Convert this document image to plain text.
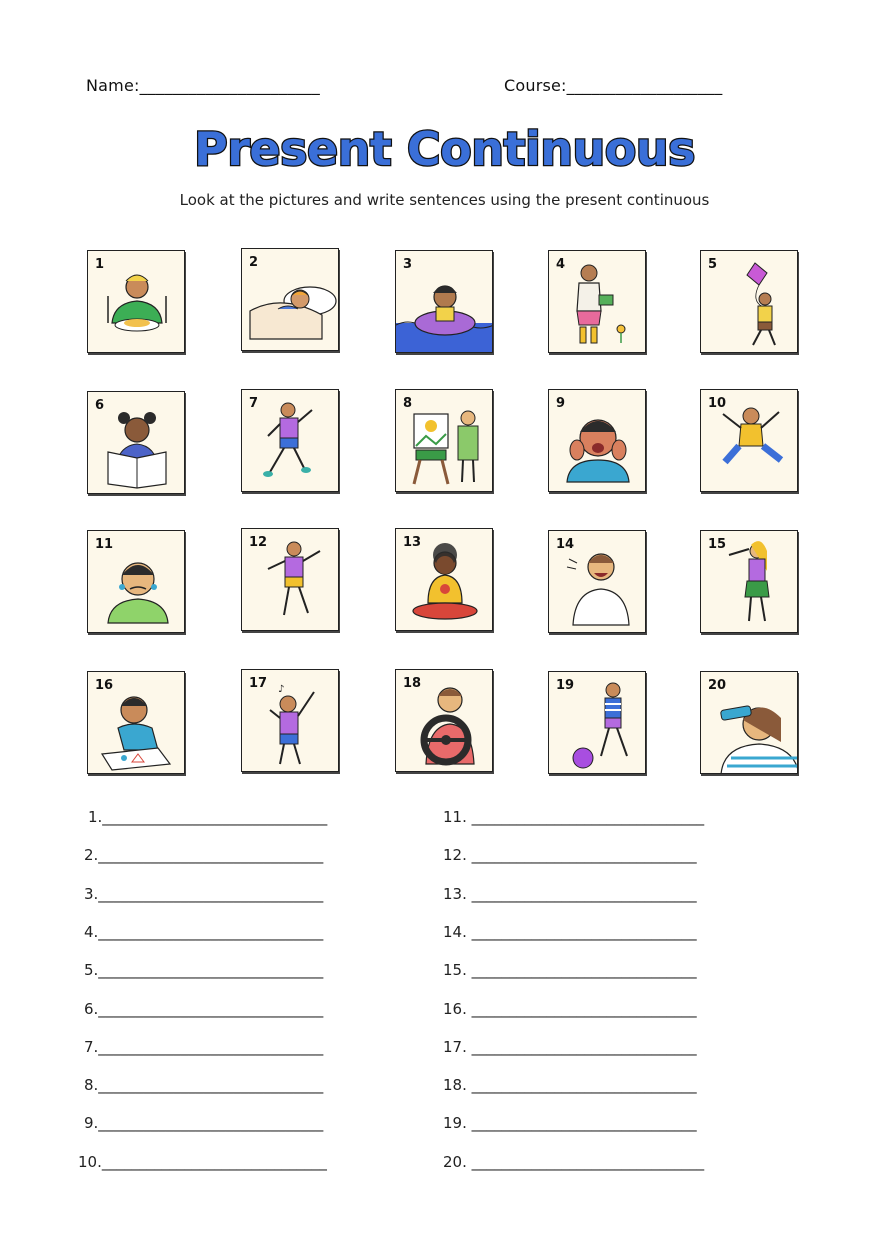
Name:______________________	Course:___________________
Present Continuous
Look at the pictures and write sentences using the present continuous
1	2	3	4	5
6	7	8	9	10
11	12	13	14	15
16	17 ♪	18	19	20
1.______________________________
2.______________________________
3.______________________________
4.______________________________
5.______________________________
6.______________________________
7.______________________________
8.______________________________
9.______________________________
10.______________________________
11. _______________________________
12. ______________________________
13. ______________________________
14. ______________________________
15. ______________________________
16. ______________________________
17. ______________________________
18. ______________________________
19. ______________________________
20. _______________________________
